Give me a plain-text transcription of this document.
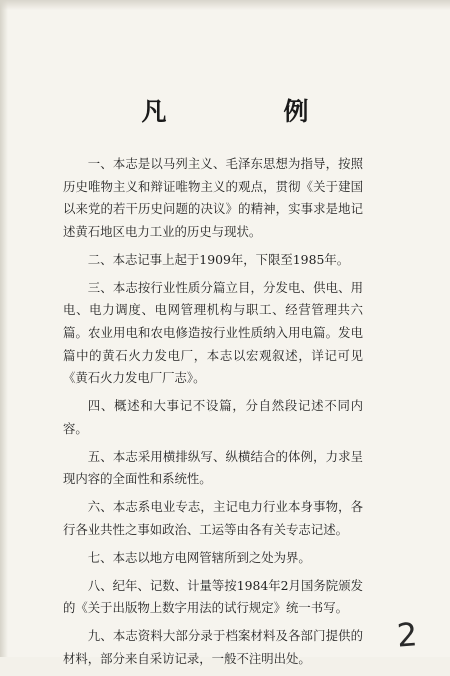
凡　例

一、本志是以马列主义、毛泽东思想为指导，按照历史唯物主义和辩证唯物主义的观点，贯彻《关于建国以来党的若干历史问题的决议》的精神，实事求是地记述黄石地区电力工业的历史与现状。

二、本志记事上起于1909年，下限至1985年。

三、本志按行业性质分篇立目，分发电、供电、用电、电力调度、电网管理机构与职工、经营管理共六篇。农业用电和农电修造按行业性质纳入用电篇。发电篇中的黄石火力发电厂，本志以宏观叙述，详记可见《黄石火力发电厂厂志》。

四、概述和大事记不设篇，分自然段记述不同内容。

五、本志采用横排纵写、纵横结合的体例，力求呈现内容的全面性和系统性。

六、本志系电业专志，主记电力行业本身事物，各行各业共性之事如政治、工运等由各有关专志记述。

七、本志以地方电网管辖所到之处为界。

八、纪年、记数、计量等按1984年2月国务院颁发的《关于出版物上数字用法的试行规定》统一书写。

九、本志资料大部分录于档案材料及各部门提供的材料，部分来自采访记录，一般不注明出处。

2
